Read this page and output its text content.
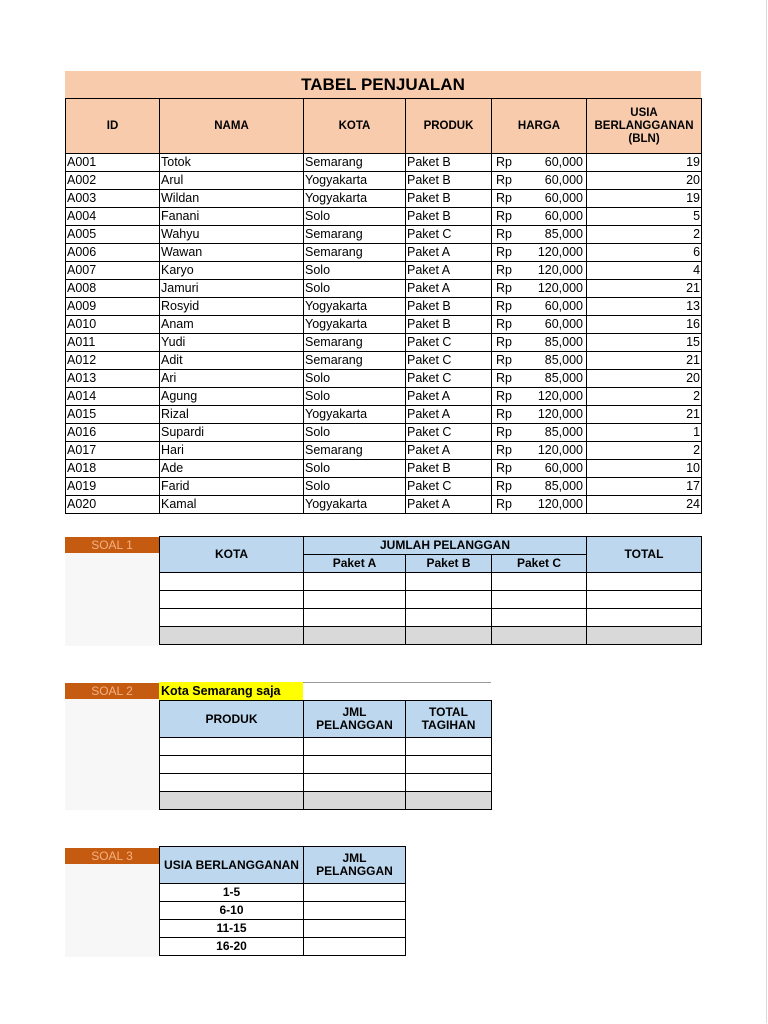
TABEL PENJUALAN
ID	NAMA	KOTA	PRODUK	HARGA		USIA BERLANGGANAN (BLN)
A001	Totok	Semarang	Paket B	Rp	60,000	19
A002	Arul	Yogyakarta	Paket B	Rp	60,000	20
A003	Wildan	Yogyakarta	Paket B	Rp	60,000	19
A004	Fanani	Solo	Paket B	Rp	60,000	5
A005	Wahyu	Semarang	Paket C	Rp	85,000	2
A006	Wawan	Semarang	Paket A	Rp	120,000	6
A007	Karyo	Solo	Paket A	Rp	120,000	4
A008	Jamuri	Solo	Paket A	Rp	120,000	21
A009	Rosyid	Yogyakarta	Paket B	Rp	60,000	13
A010	Anam	Yogyakarta	Paket B	Rp	60,000	16
A011	Yudi	Semarang	Paket C	Rp	85,000	15
A012	Adit	Semarang	Paket C	Rp	85,000	21
A013	Ari	Solo	Paket C	Rp	85,000	20
A014	Agung	Solo	Paket A	Rp	120,000	2
A015	Rizal	Yogyakarta	Paket A	Rp	120,000	21
A016	Supardi	Solo	Paket C	Rp	85,000	1
A017	Hari	Semarang	Paket A	Rp	120,000	2
A018	Ade	Solo	Paket B	Rp	60,000	10
A019	Farid	Solo	Paket C	Rp	85,000	17
A020	Kamal	Yogyakarta	Paket A	Rp	120,000	24
SOAL 1
KOTA	JUMLAH PELANGGAN			TOTAL
	Paket A	Paket B	Paket C	

SOAL 2	Kota Semarang saja
PRODUK	JML PELANGGAN	TOTAL TAGIHAN

SOAL 3
USIA BERLANGGANAN	JML PELANGGAN
1-5	
6-10	
11-15	
16-20	
